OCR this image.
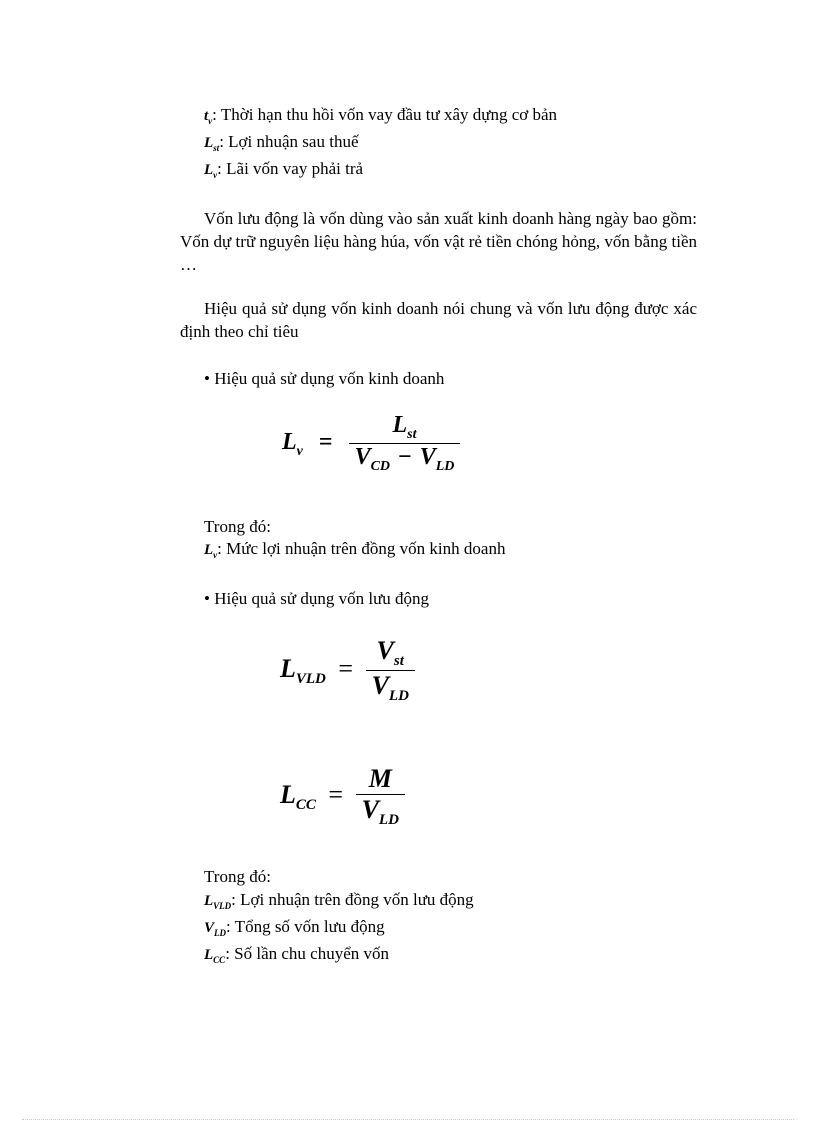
$t_v$: Thời hạn thu hồi vốn vay đầu tư xây dựng cơ bản
$L_{st}$: Lợi nhuận sau thuế
$L_v$: Lãi vốn vay phải trả
Vốn lưu động là vốn dùng vào sản xuất kinh doanh hàng ngày bao gồm: Vốn dự trữ nguyên liệu hàng húa, vốn vật rẻ tiền chóng hỏng, vốn bằng tiền …
Hiệu quả sử dụng vốn kinh doanh nói chung và vốn lưu động được xác định theo chỉ tiêu
• Hiệu quả sử dụng vốn kinh doanh
$L_v = \frac{L_{st}}{V_{CD} - V_{LD}}$
Trong đó:
$L_v$: Mức lợi nhuận trên đồng vốn kinh doanh
• Hiệu quả sử dụng vốn lưu động
$L_{VLD} = \frac{V_{st}}{V_{LD}}$
$L_{CC} = \frac{M}{V_{LD}}$
Trong đó:
$L_{VLD}$: Lợi nhuận trên đồng vốn lưu động
$V_{LD}$: Tổng số vốn lưu động
$L_{CC}$: Số lần chu chuyển vốn
